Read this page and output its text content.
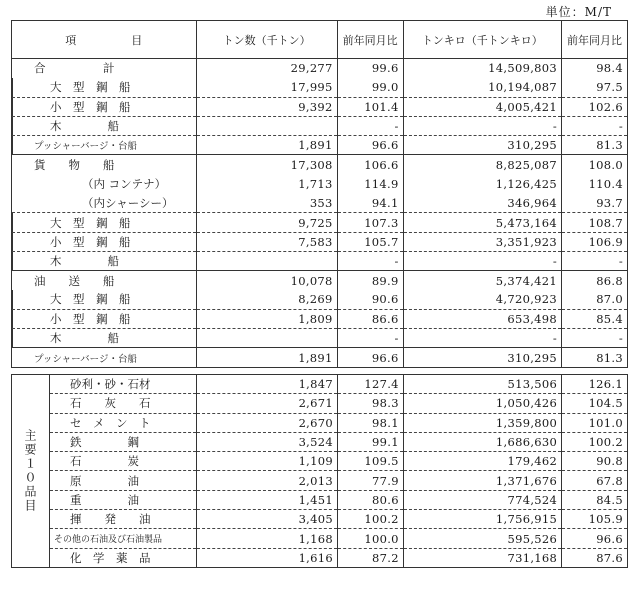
単位：M/T
項　　　　　目	トン数（千トン）	前年同月比	トンキロ（千トンキロ）	前年同月比
合　　　　　計	29,277	99.6	14,509,803	98.4
大　型　鋼　船	17,995	99.0	10,194,087	97.5
小　型　鋼　船	9,392	101.4	4,005,421	102.6
木　　　　船		-	-	-
プッシャーバージ・台船	1,891	96.6	310,295	81.3
貨　　物　　船	17,308	106.6	8,825,087	108.0
（内 コンテナ）	1,713	114.9	1,126,425	110.4
（内シャーシー）	353	94.1	346,964	93.7
大　型　鋼　船	9,725	107.3	5,473,164	108.7
小　型　鋼　船	7,583	105.7	3,351,923	106.9
木　　　　船		-	-	-
油　　送　　船	10,078	89.9	5,374,421	86.8
大　型　鋼　船	8,269	90.6	4,720,923	87.0
小　型　鋼　船	1,809	86.6	653,498	85.4
木　　　　船		-	-	-
プッシャーバージ・台船	1,891	96.6	310,295	81.3
主要１０品目	砂利・砂・石材	1,847	127.4	513,506	126.1
	石　　灰　　石	2,671	98.3	1,050,426	104.5
	セ　メ　ン　ト	2,670	98.1	1,359,800	101.0
	鉄　　　　鋼	3,524	99.1	1,686,630	100.2
	石　　　　炭	1,109	109.5	179,462	90.8
	原　　　　油	2,013	77.9	1,371,676	67.8
	重　　　　油	1,451	80.6	774,524	84.5
	揮　　発　　油	3,405	100.2	1,756,915	105.9
	その他の石油及び石油製品	1,168	100.0	595,526	96.6
	化　学　薬　品	1,616	87.2	731,168	87.6
